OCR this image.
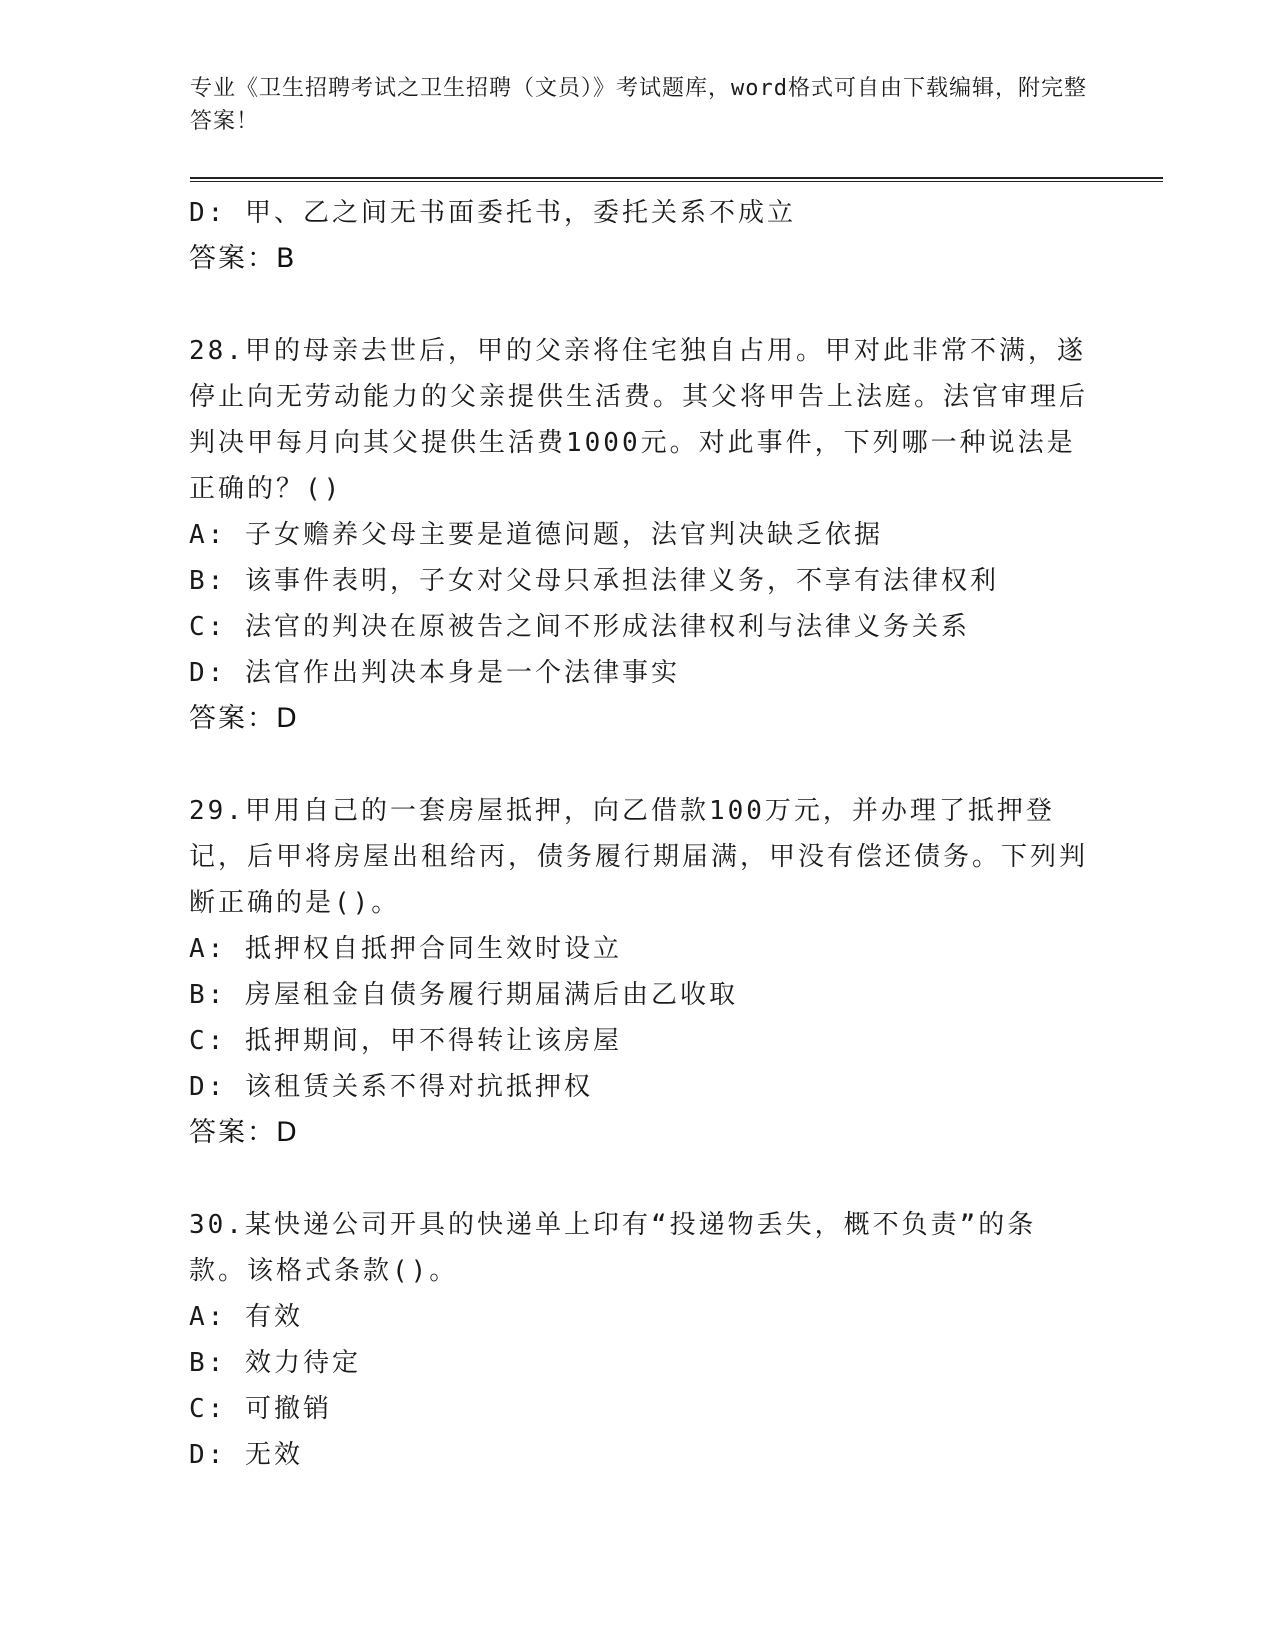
专业《卫生招聘考试之卫生招聘（文员）》考试题库，word格式可自由下载编辑，附完整答案！
D: 甲、乙之间无书面委托书，委托关系不成立
答案：B
28.甲的母亲去世后，甲的父亲将住宅独自占用。甲对此非常不满，遂停止向无劳动能力的父亲提供生活费。其父将甲告上法庭。法官审理后判决甲每月向其父提供生活费1000元。对此事件，下列哪一种说法是正确的？()
A: 子女赡养父母主要是道德问题，法官判决缺乏依据
B: 该事件表明，子女对父母只承担法律义务，不享有法律权利
C: 法官的判决在原被告之间不形成法律权利与法律义务关系
D: 法官作出判决本身是一个法律事实
答案：D
29.甲用自己的一套房屋抵押，向乙借款100万元，并办理了抵押登记，后甲将房屋出租给丙，债务履行期届满，甲没有偿还债务。下列判断正确的是()。
A: 抵押权自抵押合同生效时设立
B: 房屋租金自债务履行期届满后由乙收取
C: 抵押期间，甲不得转让该房屋
D: 该租赁关系不得对抗抵押权
答案：D
30.某快递公司开具的快递单上印有“投递物丢失，概不负责”的条款。该格式条款()。
A: 有效
B: 效力待定
C: 可撤销
D: 无效
